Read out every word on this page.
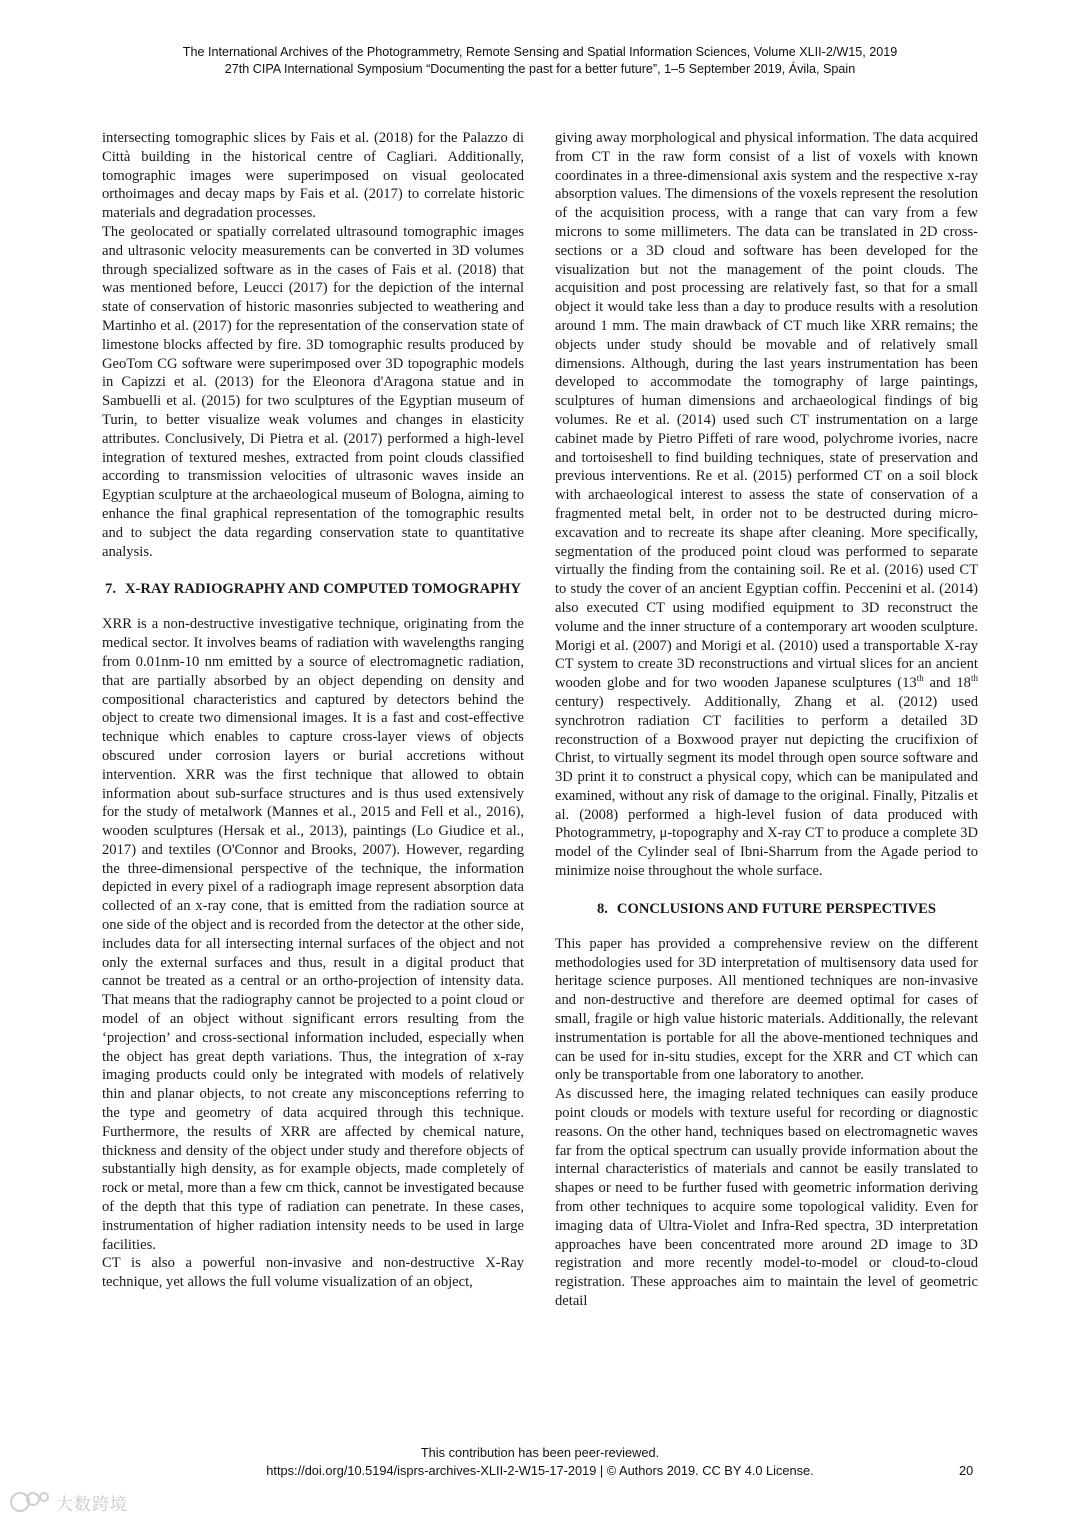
The International Archives of the Photogrammetry, Remote Sensing and Spatial Information Sciences, Volume XLII-2/W15, 2019
27th CIPA International Symposium “Documenting the past for a better future”, 1–5 September 2019, Ávila, Spain

intersecting tomographic slices by Fais et al. (2018) for the Palazzo di Città building in the historical centre of Cagliari. Additionally, tomographic images were superimposed on visual geolocated orthoimages and decay maps by Fais et al. (2017) to correlate historic materials and degradation processes.

The geolocated or spatially correlated ultrasound tomographic images and ultrasonic velocity measurements can be converted in 3D volumes through specialized software as in the cases of Fais et al. (2018) that was mentioned before, Leucci (2017) for the depiction of the internal state of conservation of historic masonries subjected to weathering and Martinho et al. (2017) for the representation of the conservation state of limestone blocks affected by fire. 3D tomographic results produced by GeoTom CG software were superimposed over 3D topographic models in Capizzi et al. (2013) for the Eleonora d'Aragona statue and in Sambuelli et al. (2015) for two sculptures of the Egyptian museum of Turin, to better visualize weak volumes and changes in elasticity attributes. Conclusively, Di Pietra et al. (2017) performed a high-level integration of textured meshes, extracted from point clouds classified according to transmission velocities of ultrasonic waves inside an Egyptian sculpture at the archaeological museum of Bologna, aiming to enhance the final graphical representation of the tomographic results and to subject the data regarding conservation state to quantitative analysis.

7. X-RAY RADIOGRAPHY AND COMPUTED TOMOGRAPHY

XRR is a non-destructive investigative technique, originating from the medical sector. It involves beams of radiation with wavelengths ranging from 0.01nm-10 nm emitted by a source of electromagnetic radiation, that are partially absorbed by an object depending on density and compositional characteristics and captured by detectors behind the object to create two dimensional images. It is a fast and cost-effective technique which enables to capture cross-layer views of objects obscured under corrosion layers or burial accretions without intervention. XRR was the first technique that allowed to obtain information about sub-surface structures and is thus used extensively for the study of metalwork (Mannes et al., 2015 and Fell et al., 2016), wooden sculptures (Hersak et al., 2013), paintings (Lo Giudice et al., 2017) and textiles (O'Connor and Brooks, 2007). However, regarding the three-dimensional perspective of the technique, the information depicted in every pixel of a radiograph image represent absorption data collected of an x-ray cone, that is emitted from the radiation source at one side of the object and is recorded from the detector at the other side, includes data for all intersecting internal surfaces of the object and not only the external surfaces and thus, result in a digital product that cannot be treated as a central or an ortho-projection of intensity data. That means that the radiography cannot be projected to a point cloud or model of an object without significant errors resulting from the ‘projection’ and cross-sectional information included, especially when the object has great depth variations. Thus, the integration of x-ray imaging products could only be integrated with models of relatively thin and planar objects, to not create any misconceptions referring to the type and geometry of data acquired through this technique. Furthermore, the results of XRR are affected by chemical nature, thickness and density of the object under study and therefore objects of substantially high density, as for example objects, made completely of rock or metal, more than a few cm thick, cannot be investigated because of the depth that this type of radiation can penetrate. In these cases, instrumentation of higher radiation intensity needs to be used in large facilities.

CT is also a powerful non-invasive and non-destructive X-Ray technique, yet allows the full volume visualization of an object,

giving away morphological and physical information. The data acquired from CT in the raw form consist of a list of voxels with known coordinates in a three-dimensional axis system and the respective x-ray absorption values. The dimensions of the voxels represent the resolution of the acquisition process, with a range that can vary from a few microns to some millimeters. The data can be translated in 2D cross-sections or a 3D cloud and software has been developed for the visualization but not the management of the point clouds. The acquisition and post processing are relatively fast, so that for a small object it would take less than a day to produce results with a resolution around 1 mm. The main drawback of CT much like XRR remains; the objects under study should be movable and of relatively small dimensions. Although, during the last years instrumentation has been developed to accommodate the tomography of large paintings, sculptures of human dimensions and archaeological findings of big volumes. Re et al. (2014) used such CT instrumentation on a large cabinet made by Pietro Piffeti of rare wood, polychrome ivories, nacre and tortoiseshell to find building techniques, state of preservation and previous interventions. Re et al. (2015) performed CT on a soil block with archaeological interest to assess the state of conservation of a fragmented metal belt, in order not to be destructed during micro-excavation and to recreate its shape after cleaning. More specifically, segmentation of the produced point cloud was performed to separate virtually the finding from the containing soil. Re et al. (2016) used CT to study the cover of an ancient Egyptian coffin. Peccenini et al. (2014) also executed CT using modified equipment to 3D reconstruct the volume and the inner structure of a contemporary art wooden sculpture. Morigi et al. (2007) and Morigi et al. (2010) used a transportable X-ray CT system to create 3D reconstructions and virtual slices for an ancient wooden globe and for two wooden Japanese sculptures (13th and 18th century) respectively. Additionally, Zhang et al. (2012) used synchrotron radiation CT facilities to perform a detailed 3D reconstruction of a Boxwood prayer nut depicting the crucifixion of Christ, to virtually segment its model through open source software and 3D print it to construct a physical copy, which can be manipulated and examined, without any risk of damage to the original. Finally, Pitzalis et al. (2008) performed a high-level fusion of data produced with Photogrammetry, μ-topography and X-ray CT to produce a complete 3D model of the Cylinder seal of Ibni-Sharrum from the Agade period to minimize noise throughout the whole surface.

8. CONCLUSIONS AND FUTURE PERSPECTIVES

This paper has provided a comprehensive review on the different methodologies used for 3D interpretation of multisensory data used for heritage science purposes. All mentioned techniques are non-invasive and non-destructive and therefore are deemed optimal for cases of small, fragile or high value historic materials. Additionally, the relevant instrumentation is portable for all the above-mentioned techniques and can be used for in-situ studies, except for the XRR and CT which can only be transportable from one laboratory to another.

As discussed here, the imaging related techniques can easily produce point clouds or models with texture useful for recording or diagnostic reasons. On the other hand, techniques based on electromagnetic waves far from the optical spectrum can usually provide information about the internal characteristics of materials and cannot be easily translated to shapes or need to be further fused with geometric information deriving from other techniques to acquire some topological validity. Even for imaging data of Ultra-Violet and Infra-Red spectra, 3D interpretation approaches have been concentrated more around 2D image to 3D registration and more recently model-to-model or cloud-to-cloud registration. These approaches aim to maintain the level of geometric detail

This contribution has been peer-reviewed.
https://doi.org/10.5194/isprs-archives-XLII-2-W15-17-2019 | © Authors 2019. CC BY 4.0 License.	20
大数跨境
